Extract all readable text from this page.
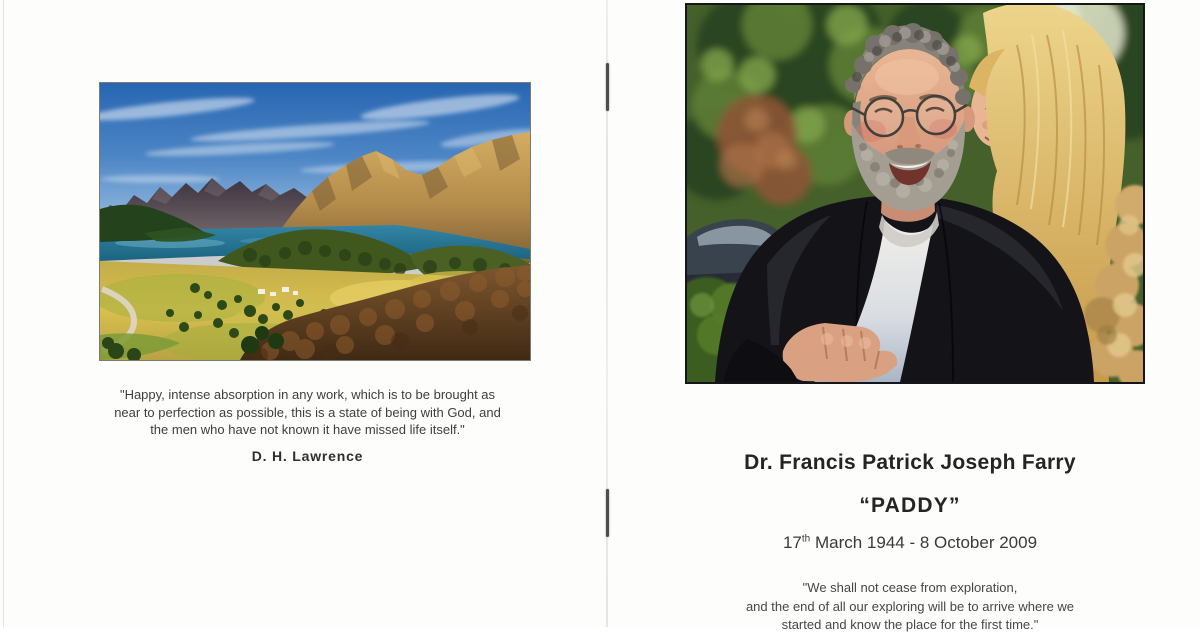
"Happy, intense absorption in any work, which is to be brought as
near to perfection as possible, this is a state of being with God, and
the men who have not known it have missed life itself."
D. H. Lawrence	Dr. Francis Patrick Joseph Farry
“PADDY”
17th March 1944 - 8 October 2009
"We shall not cease from exploration,
and the end of all our exploring will be to arrive where we
started and know the place for the first time."
